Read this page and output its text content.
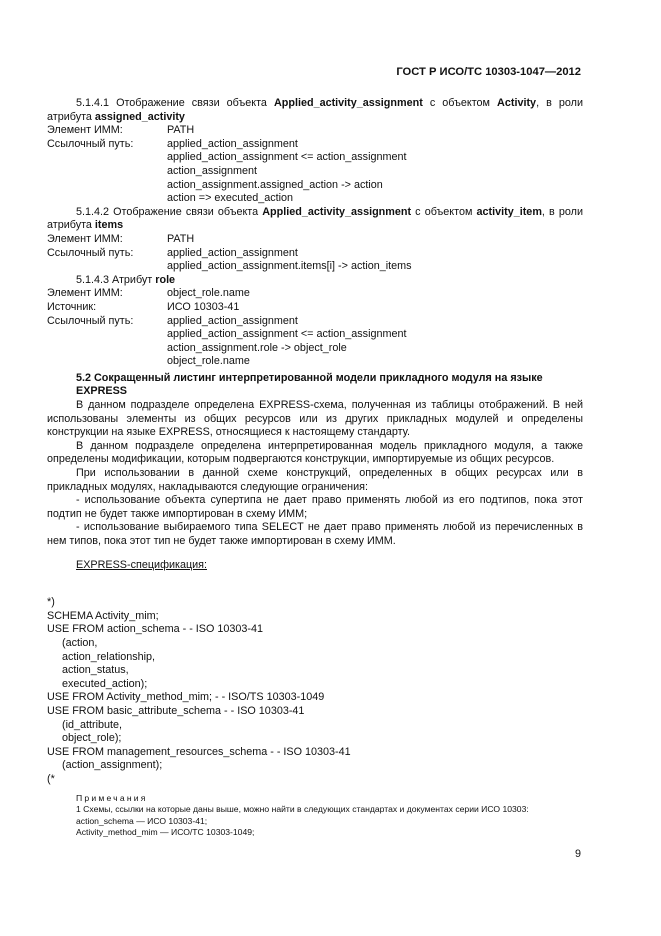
ГОСТ Р ИСО/ТС 10303-1047—2012

5.1.4.1 Отображение связи объекта Applied_activity_assignment с объектом Activity, в роли атрибута assigned_activity

Элемент ИММ:	PATH
Ссылочный путь:	applied_action_assignment
applied_action_assignment <= action_assignment
action_assignment
action_assignment.assigned_action -> action
action => executed_action

5.1.4.2 Отображение связи объекта Applied_activity_assignment с объектом activity_item, в роли атрибута items

Элемент ИММ:	PATH
Ссылочный путь:	applied_action_assignment
applied_action_assignment.items[i] -> action_items

5.1.4.3 Атрибут role

Элемент ИММ:	object_role.name
Источник:	ИСО 10303-41
Ссылочный путь:	applied_action_assignment
applied_action_assignment <= action_assignment
action_assignment.role -> object_role
object_role.name

5.2 Сокращенный листинг интерпретированной модели прикладного модуля на языке EXPRESS

В данном подразделе определена EXPRESS-схема, полученная из таблицы отображений. В ней использованы элементы из общих ресурсов или из других прикладных модулей и определены конструкции на языке EXPRESS, относящиеся к настоящему стандарту.

В данном подразделе определена интерпретированная модель прикладного модуля, а также определены модификации, которым подвергаются конструкции, импортируемые из общих ресурсов.

При использовании в данной схеме конструкций, определенных в общих ресурсах или в прикладных модулях, накладываются следующие ограничения:

- использование объекта супертипа не дает право применять любой из его подтипов, пока этот подтип не будет также импортирован в схему ИММ;

- использование выбираемого типа SELECT не дает право применять любой из перечисленных в нем типов, пока этот тип не будет также импортирован в схему ИММ.

EXPRESS-спецификация:

*)
SCHEMA Activity_mim;
USE FROM action_schema - - ISO 10303-41
(action,
action_relationship,
action_status,
executed_action);
USE FROM Activity_method_mim; - - ISO/TS 10303-1049
USE FROM basic_attribute_schema - - ISO 10303-41
(id_attribute,
object_role);
USE FROM management_resources_schema - - ISO 10303-41
(action_assignment);
(*

Примечания

1 Схемы, ссылки на которые даны выше, можно найти в следующих стандартах и документах серии ИСО 10303:

action_schema — ИСО 10303-41;

Activity_method_mim — ИСО/ТС 10303-1049;

9
